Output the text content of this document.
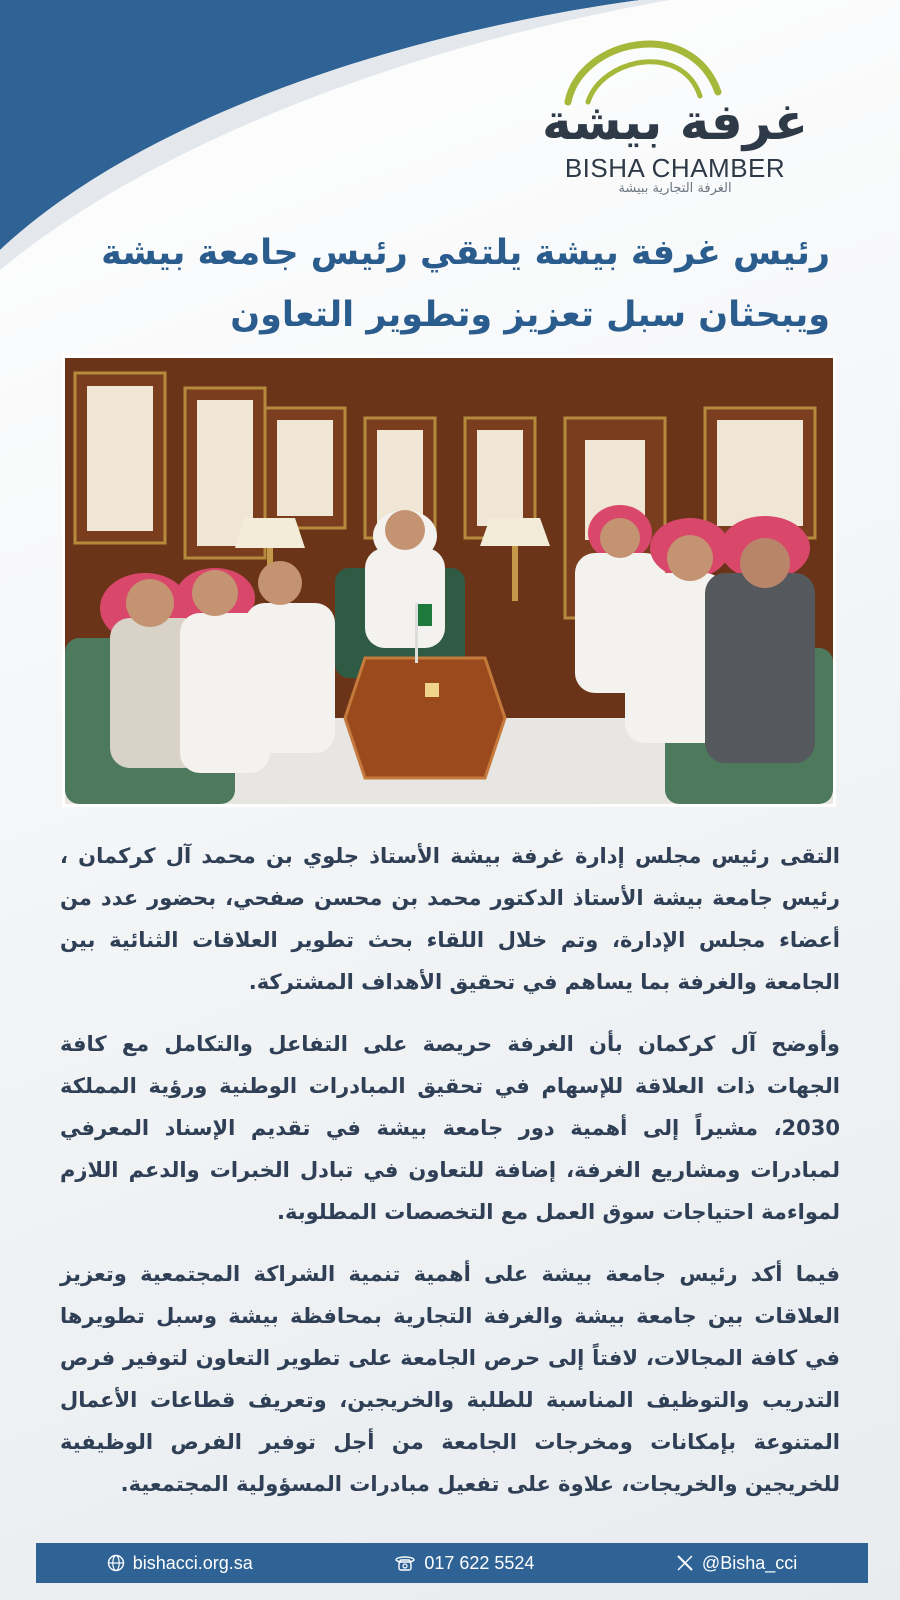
غرفة بيشة
BISHA CHAMBER
الغرفة التجارية ببيشة
رئيس غرفة بيشة يلتقي رئيس جامعة بيشة
ويبحثان سبل تعزيز وتطوير التعاون

التقى رئيس مجلس إدارة غرفة بيشة الأستاذ جلوي بن محمد آل كركمان ، رئيس جامعة بيشة الأستاذ الدكتور محمد بن محسن صفحي، بحضور عدد من أعضاء مجلس الإدارة، وتم خلال اللقاء بحث تطوير العلاقات الثنائية بين الجامعة والغرفة بما يساهم في تحقيق الأهداف المشتركة.

وأوضح آل كركمان بأن الغرفة حريصة على التفاعل والتكامل مع كافة الجهات ذات العلاقة للإسهام في تحقيق المبادرات الوطنية ورؤية المملكة 2030، مشيراً إلى أهمية دور جامعة بيشة في تقديم الإسناد المعرفي لمبادرات ومشاريع الغرفة، إضافة للتعاون في تبادل الخبرات والدعم اللازم لمواءمة احتياجات سوق العمل مع التخصصات المطلوبة.

فيما أكد رئيس جامعة بيشة على أهمية تنمية الشراكة المجتمعية وتعزيز العلاقات بين جامعة بيشة والغرفة التجارية بمحافظة بيشة وسبل تطويرها في كافة المجالات، لافتاً إلى حرص الجامعة على تطوير التعاون لتوفير فرص التدريب والتوظيف المناسبة للطلبة والخريجين، وتعريف قطاعات الأعمال المتنوعة بإمكانات ومخرجات الجامعة من أجل توفير الفرص الوظيفية للخريجين والخريجات، علاوة على تفعيل مبادرات المسؤولية المجتمعية.

bishacci.org.sa	017 622 5524	@Bisha_cci
